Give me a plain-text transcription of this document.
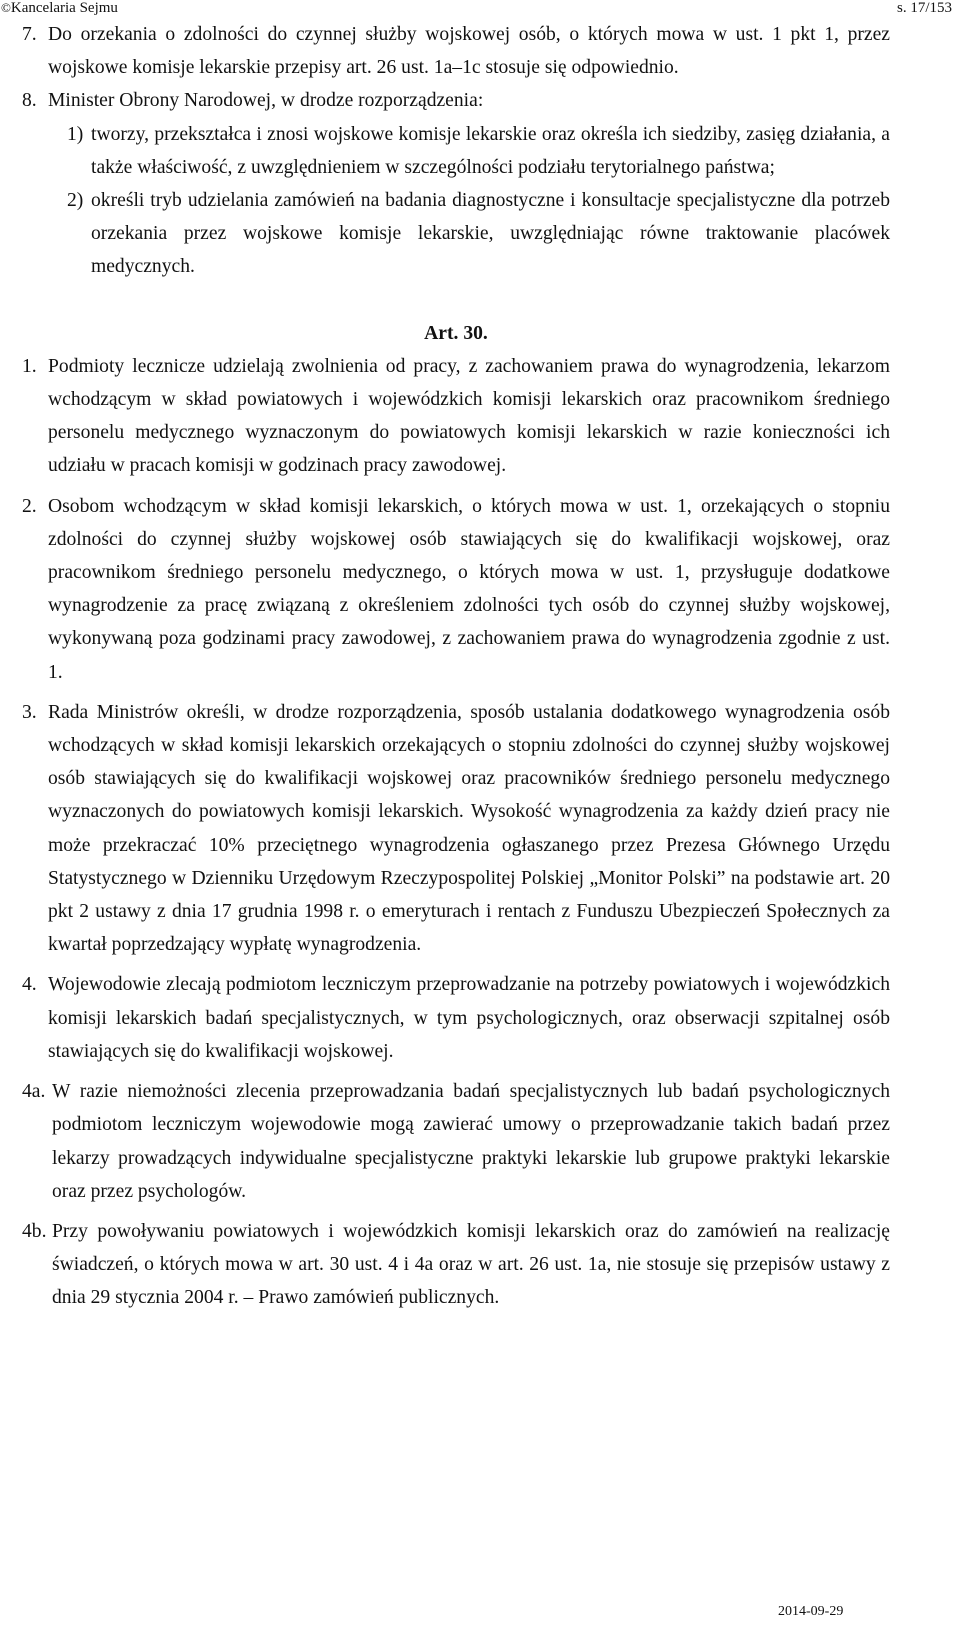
©Kancelaria Sejmu	s. 17/153
7. Do orzekania o zdolności do czynnej służby wojskowej osób, o których mowa w ust. 1 pkt 1, przez wojskowe komisje lekarskie przepisy art. 26 ust. 1a–1c stosuje się odpowiednio.
8. Minister Obrony Narodowej, w drodze rozporządzenia:
1) tworzy, przekształca i znosi wojskowe komisje lekarskie oraz określa ich siedziby, zasięg działania, a także właściwość, z uwzględnieniem w szczególności podziału terytorialnego państwa;
2) określi tryb udzielania zamówień na badania diagnostyczne i konsultacje specjalistyczne dla potrzeb orzekania przez wojskowe komisje lekarskie, uwzględniając równe traktowanie placówek medycznych.
Art. 30.
1. Podmioty lecznicze udzielają zwolnienia od pracy, z zachowaniem prawa do wynagrodzenia, lekarzom wchodzącym w skład powiatowych i wojewódzkich komisji lekarskich oraz pracownikom średniego personelu medycznego wyznaczonym do powiatowych komisji lekarskich w razie konieczności ich udziału w pracach komisji w godzinach pracy zawodowej.
2. Osobom wchodzącym w skład komisji lekarskich, o których mowa w ust. 1, orzekających o stopniu zdolności do czynnej służby wojskowej osób stawiających się do kwalifikacji wojskowej, oraz pracownikom średniego personelu medycznego, o których mowa w ust. 1, przysługuje dodatkowe wynagrodzenie za pracę związaną z określeniem zdolności tych osób do czynnej służby wojskowej, wykonywaną poza godzinami pracy zawodowej, z zachowaniem prawa do wynagrodzenia zgodnie z ust. 1.
3. Rada Ministrów określi, w drodze rozporządzenia, sposób ustalania dodatkowego wynagrodzenia osób wchodzących w skład komisji lekarskich orzekających o stopniu zdolności do czynnej służby wojskowej osób stawiających się do kwalifikacji wojskowej oraz pracowników średniego personelu medycznego wyznaczonych do powiatowych komisji lekarskich. Wysokość wynagrodzenia za każdy dzień pracy nie może przekraczać 10% przeciętnego wynagrodzenia ogłaszanego przez Prezesa Głównego Urzędu Statystycznego w Dzienniku Urzędowym Rzeczypospolitej Polskiej „Monitor Polski” na podstawie art. 20 pkt 2 ustawy z dnia 17 grudnia 1998 r. o emeryturach i rentach z Funduszu Ubezpieczeń Społecznych za kwartał poprzedzający wypłatę wynagrodzenia.
4. Wojewodowie zlecają podmiotom leczniczym przeprowadzanie na potrzeby powiatowych i wojewódzkich komisji lekarskich badań specjalistycznych, w tym psychologicznych, oraz obserwacji szpitalnej osób stawiających się do kwalifikacji wojskowej.
4a. W razie niemożności zlecenia przeprowadzania badań specjalistycznych lub badań psychologicznych podmiotom leczniczym wojewodowie mogą zawierać umowy o przeprowadzanie takich badań przez lekarzy prowadzących indywidualne specjalistyczne praktyki lekarskie lub grupowe praktyki lekarskie oraz przez psychologów.
4b. Przy powoływaniu powiatowych i wojewódzkich komisji lekarskich oraz do zamówień na realizację świadczeń, o których mowa w art. 30 ust. 4 i 4a oraz w art. 26 ust. 1a, nie stosuje się przepisów ustawy z dnia 29 stycznia 2004 r. – Prawo zamówień publicznych.
2014-09-29
